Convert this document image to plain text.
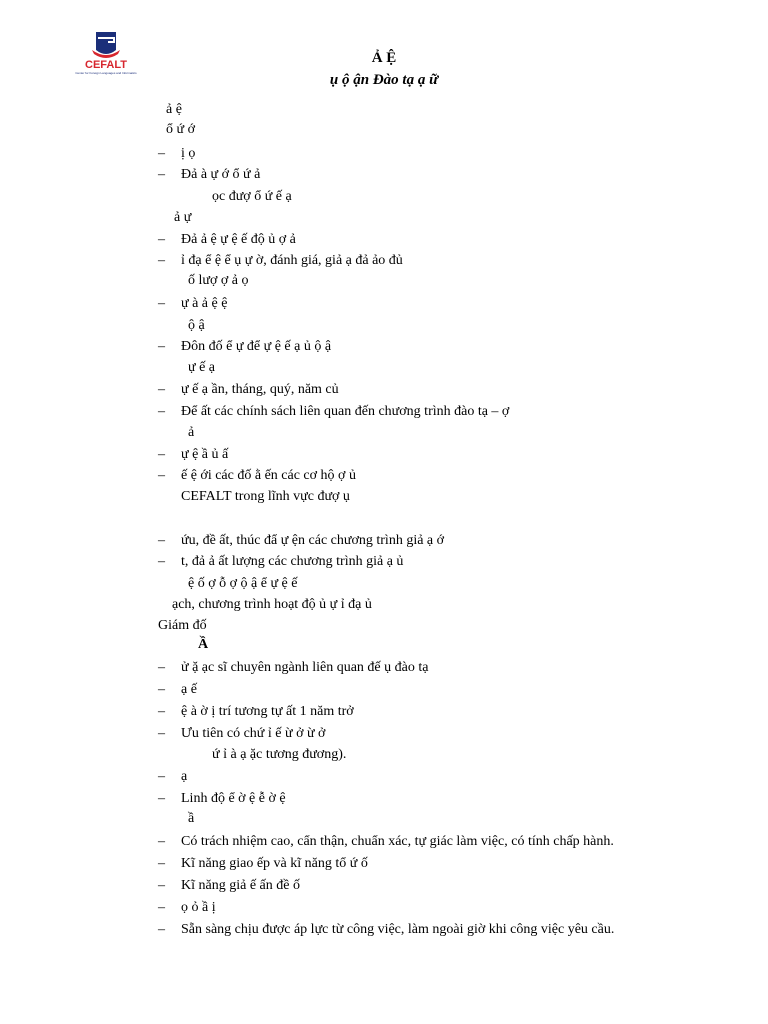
CEFALT
Center for Foreign Languages and Informatics
Ả Ệ
ụ ộ ận Đào tạ ạ ữ
ả ệ
ổ ứ ớ
– ị ọ
– Đả à ự ớ ổ ứ ả
ọc đượ ổ ứ ế ạ
ả ự
– Đả ả ệ ự ệ ế độ ủ ợ ả
– ỉ đạ ể ệ ể ụ ự ờ, đánh giá, giả ạ đả ảo đủ
ố lượ ợ ả ọ
– ự à ả ệ ệ
ộ ậ
– Đôn đố ể ự để ự ệ ế ạ ủ ộ ậ
ự ế ạ
– ự ế ạ ần, tháng, quý, năm củ
– Để ất các chính sách liên quan đến chương trình đào tạ – ợ
ả
– ự ệ ầ ủ ấ
– ế ệ ới các đố ằ ến các cơ hộ ợ ủ
CEFALT trong lĩnh vực đượ ụ
– ứu, đề ất, thúc đẩ ự ện các chương trình giả ạ ớ
– t, đả ả ất lượng các chương trình giả ạ ủ
ệ ố ợ ỗ ợ ộ ậ ể ự ệ ế
ạch, chương trình hoạt độ ủ ự ỉ đạ ủ
Giám đố
Ầ
– ử ặ ạc sĩ chuyên ngành liên quan đế ụ đào tạ
– ạ ế
– ệ à ờ ị trí tương tự ất 1 năm trở
– Ưu tiên có chứ ỉ ế ừ ở ừ ở
ứ ỉ à ạ ặc tương đương).
– ạ
– Linh độ ể ờ ệ ễ ờ ệ
ầ
– Có trách nhiệm cao, cẩn thận, chuẩn xác, tự giác làm việc, có tính chấp hành.
– Kĩ năng giao ếp và kĩ năng tổ ứ ố
– Kĩ năng giả ế ấn đề ố
– ọ ỏ ầ ị
– Sẵn sàng chịu được áp lực từ công việc, làm ngoài giờ khi công việc yêu cầu.
